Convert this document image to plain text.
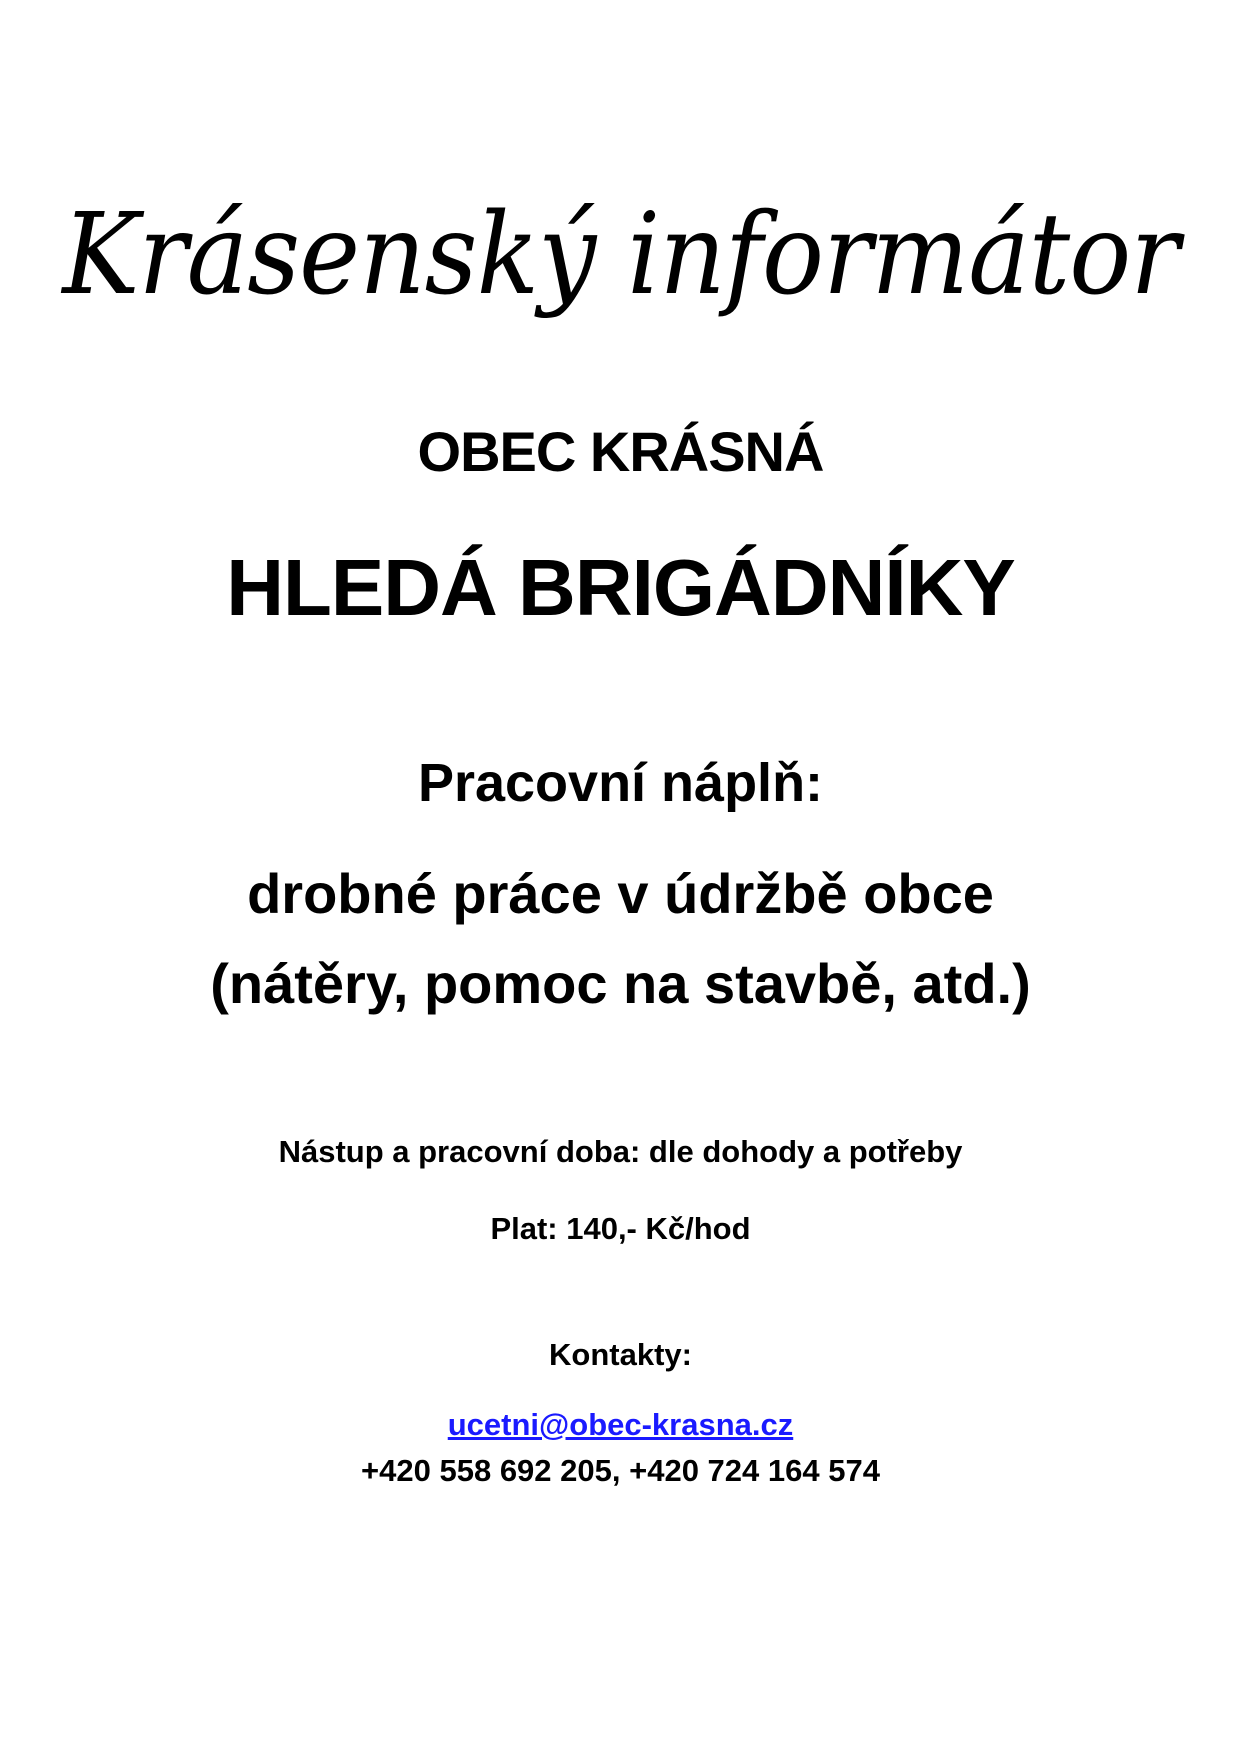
Krásenský informátor
OBEC KRÁSNÁ
HLEDÁ BRIGÁDNÍKY
Pracovní náplň:
drobné práce v údržbě obce
(nátěry, pomoc na stavbě, atd.)
Nástup a pracovní doba: dle dohody a potřeby
Plat: 140,- Kč/hod
Kontakty:
ucetni@obec-krasna.cz
+420 558 692 205, +420 724 164 574
